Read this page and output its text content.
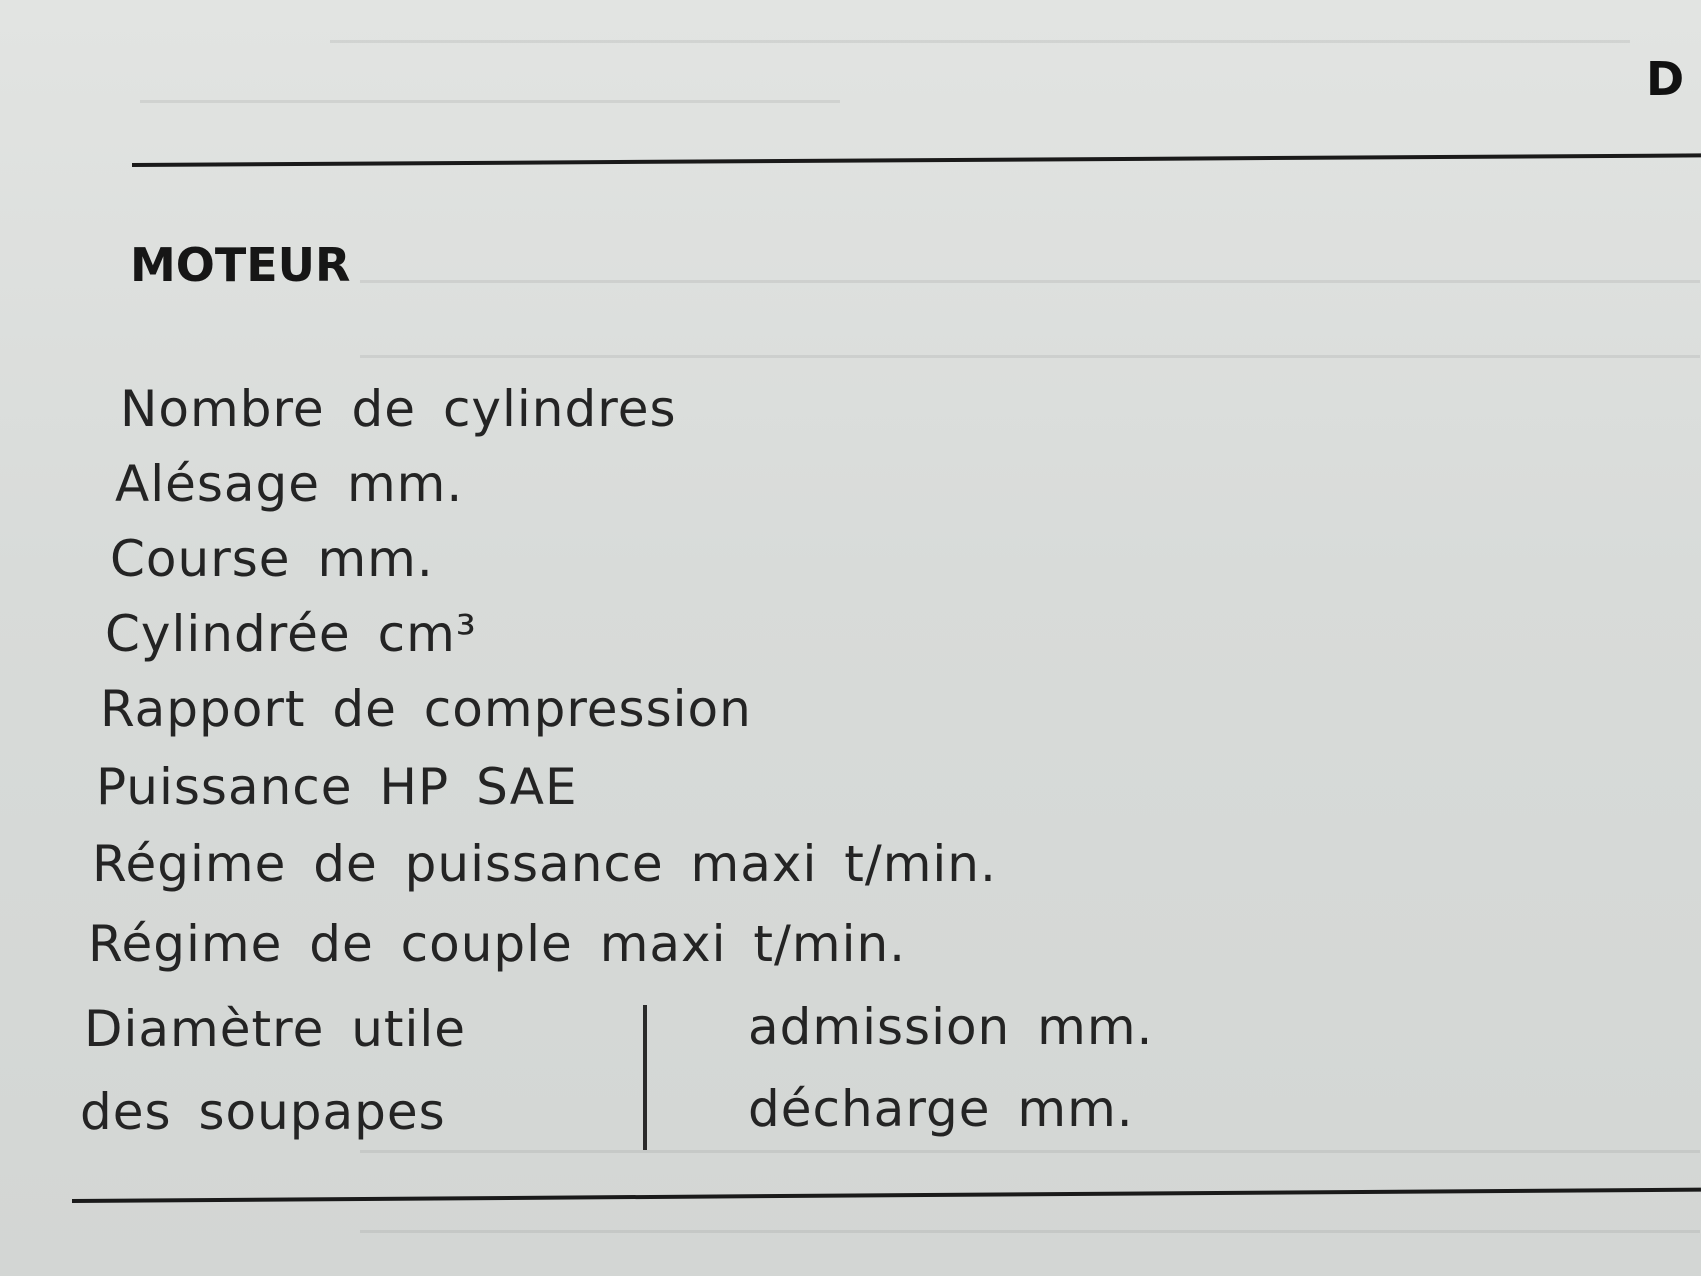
D
MOTEUR
Nombre de cylindres
Alésage mm.
Course mm.
Cylindrée cm³
Rapport de compression
Puissance HP SAE
Régime de puissance maxi t/min.
Régime de couple maxi t/min.
Diamètre utile
des soupapes
admission mm.
décharge mm.
